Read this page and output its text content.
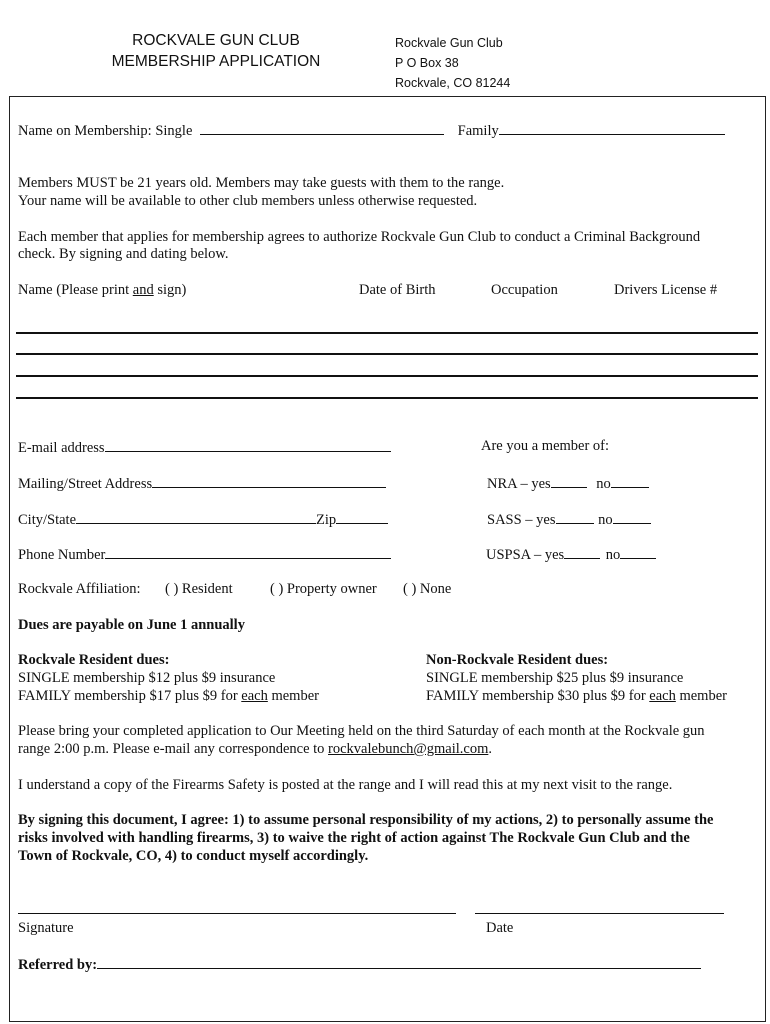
ROCKVALE GUN CLUB
MEMBERSHIP APPLICATION
Rockvale Gun Club
P O Box 38
Rockvale, CO 81244
Name on Membership: Single	Family
Members MUST be 21 years old. Members may take guests with them to the range.
Your name will be available to other club members unless otherwise requested.
Each member that applies for membership agrees to authorize Rockvale Gun Club to conduct a Criminal Background
check. By signing and dating below.
Name (Please print and sign)	Date of Birth	Occupation	Drivers License #
E-mail address
Mailing/Street Address
City/State	Zip
Phone Number
Are you a member of:
NRA – yes	no
SASS – yes	no
USPSA – yes	no
Rockvale Affiliation: ( ) Resident	( ) Property owner ( ) None
Dues are payable on June 1 annually
Rockvale Resident dues:
SINGLE membership $12 plus $9 insurance
FAMILY membership $17 plus $9 for each member
Non-Rockvale Resident dues:
SINGLE membership $25 plus $9 insurance
FAMILY membership $30 plus $9 for each member
Please bring your completed application to Our Meeting held on the third Saturday of each month at the Rockvale gun
range 2:00 p.m. Please e-mail any correspondence to rockvalebunch@gmail.com.
I understand a copy of the Firearms Safety is posted at the range and I will read this at my next visit to the range.
By signing this document, I agree: 1) to assume personal responsibility of my actions, 2) to personally assume the
risks involved with handling firearms, 3) to waive the right of action against The Rockvale Gun Club and the
Town of Rockvale, CO, 4) to conduct myself accordingly.
Signature	Date
Referred by:
